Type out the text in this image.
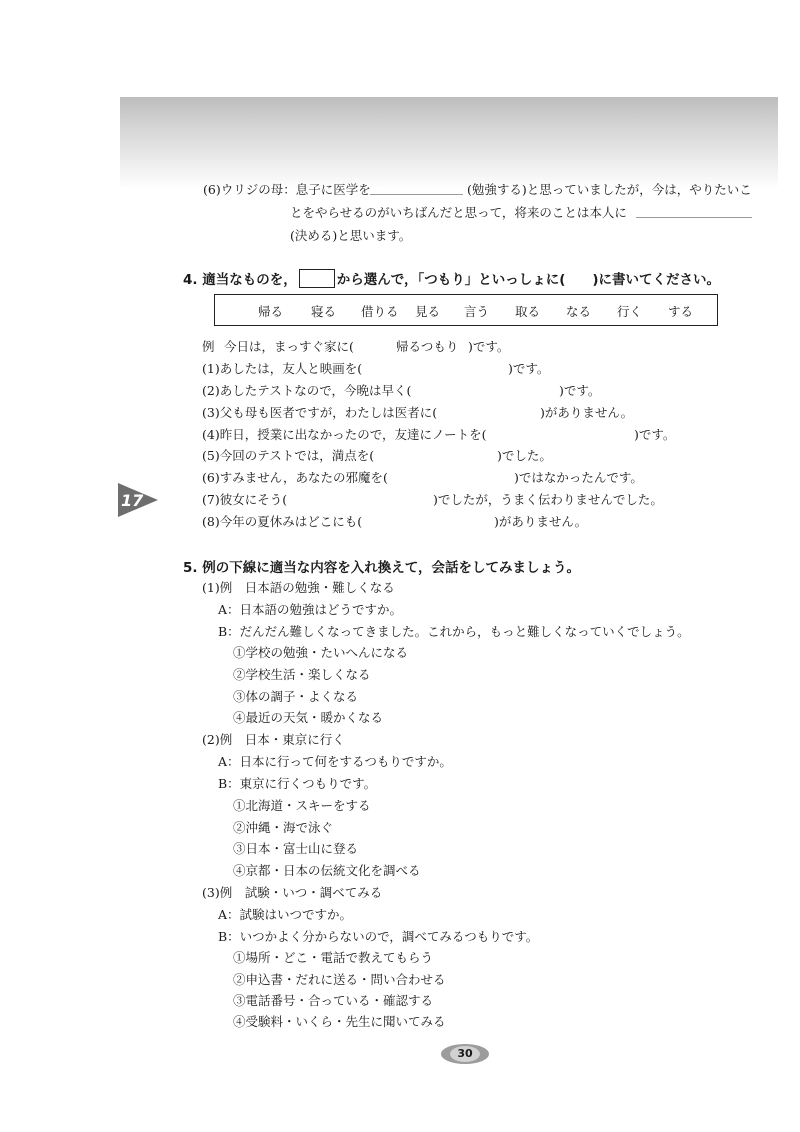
(6)ウリジの母：息子に医学を	(勉強する)と思っていましたが，今は，やりたいこ
とをやらせるのがいちばんだと思って，将来のことは本人に
(決める)と思います。
4. 適当なものを，	から選んで，「つもり」といっしょに(　　)に書いてください。
帰る 寝る 借りる 見る 言う 取る なる 行く する
例 今日は，まっすぐ家に(	帰るつもり )です。
(1)あしたは，友人と映画を(	)です。
(2)あしたテストなので，今晩は早く(	)です。
(3)父も母も医者ですが，わたしは医者に(	)がありません。
(4)昨日，授業に出なかったので，友達にノートを(	)です。
(5)今回のテストでは，満点を(	)でした。
(6)すみません，あなたの邪魔を(	)ではなかったんです。
(7)彼女にそう(	)でしたが，うまく伝わりませんでした。
(8)今年の夏休みはどこにも(	)がありません。
5. 例の下線に適当な内容を入れ換えて，会話をしてみましょう。
(1)例　日本語の勉強・難しくなる
A：日本語の勉強はどうですか。
B：だんだん難しくなってきました。これから，もっと難しくなっていくでしょう。
①学校の勉強・たいへんになる
②学校生活・楽しくなる
③体の調子・よくなる
④最近の天気・暖かくなる
(2)例　日本・東京に行く
A：日本に行って何をするつもりですか。
B：東京に行くつもりです。
①北海道・スキーをする
②沖縄・海で泳ぐ
③日本・富士山に登る
④京都・日本の伝統文化を調べる
(3)例　試験・いつ・調べてみる
A：試験はいつですか。
B：いつかよく分からないので，調べてみるつもりです。
①場所・どこ・電話で教えてもらう
②申込書・だれに送る・問い合わせる
③電話番号・合っている・確認する
④受験料・いくら・先生に聞いてみる
17
30
